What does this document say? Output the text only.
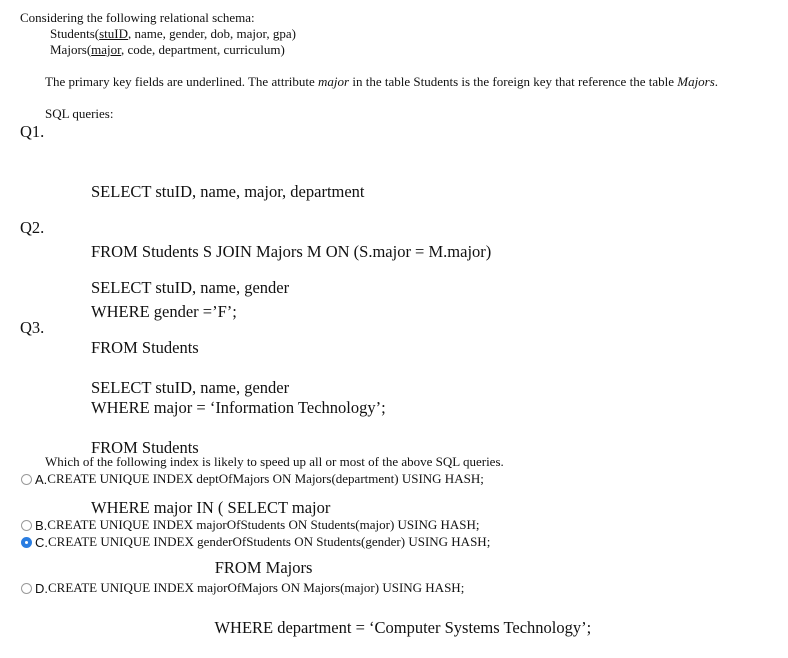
Considering the following relational schema:
Students(stuID, name, gender, dob, major, gpa)
Majors(major, code, department, curriculum)
The primary key fields are underlined. The attribute major in the table Students is the foreign key that reference the table Majors.
SQL queries:
Q1.

SELECT stuID, name, major, department

FROM Students S JOIN Majors M ON (S.major = M.major)

WHERE gender =’F’;

Q2.

SELECT stuID, name, gender

FROM Students

WHERE major = ‘Information Technology’;

Q3.

SELECT stuID, name, gender

FROM Students

WHERE major IN ( SELECT major

FROM Majors

WHERE department = ‘Computer Systems Technology’;

Which of the following index is likely to speed up all or most of the above SQL queries.
A. CREATE UNIQUE INDEX deptOfMajors ON Majors(department) USING HASH;
B. CREATE UNIQUE INDEX majorOfStudents ON Students(major) USING HASH;
C. CREATE UNIQUE INDEX genderOfStudents ON Students(gender) USING HASH;
D. CREATE UNIQUE INDEX majorOfMajors ON Majors(major) USING HASH;
